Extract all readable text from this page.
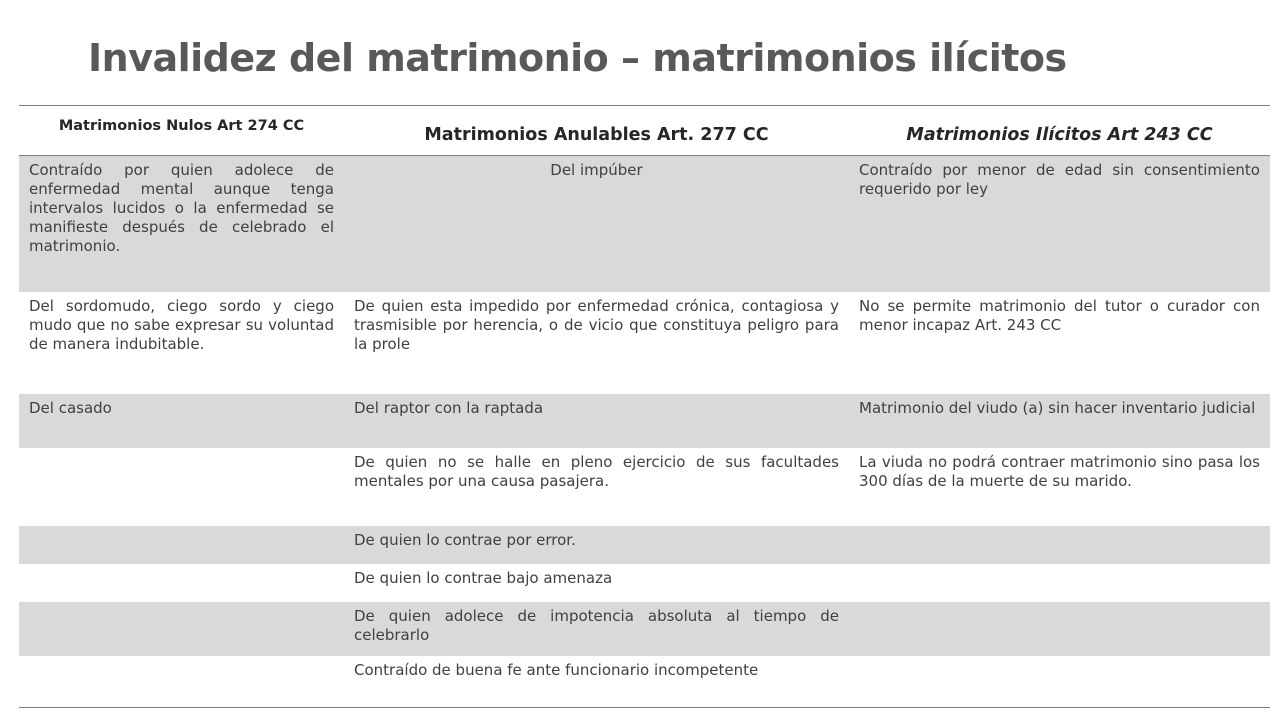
Invalidez del matrimonio – matrimonios ilícitos
Matrimonios Nulos Art 274 CC	Matrimonios Anulables Art. 277 CC	Matrimonios Ilícitos Art 243 CC
Contraído por quien adolece de enfermedad mental aunque tenga intervalos lucidos o la enfermedad se manifieste después de celebrado el matrimonio.	Del impúber	Contraído por menor de edad sin consentimiento requerido por ley
Del sordomudo, ciego sordo y ciego mudo que no sabe expresar su voluntad de manera indubitable.	De quien esta impedido por enfermedad crónica, contagiosa y trasmisible por herencia, o de vicio que constituya peligro para la prole	No se permite matrimonio del tutor o curador con menor incapaz Art. 243 CC
Del casado	Del raptor con la raptada	Matrimonio del viudo (a) sin hacer inventario judicial
	De quien no se halle en pleno ejercicio de sus facultades mentales por una causa pasajera.	La viuda no podrá contraer matrimonio sino pasa los 300 días de la muerte de su marido.
	De quien lo contrae por error.	
	De quien lo contrae bajo amenaza	
	De quien adolece de impotencia absoluta al tiempo de celebrarlo	
	Contraído de buena fe ante funcionario incompetente	
